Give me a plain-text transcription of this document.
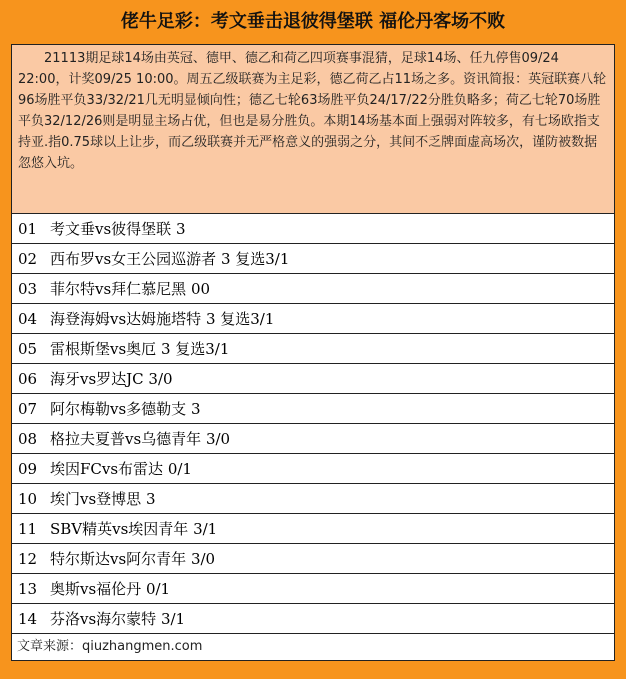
佬牛足彩：考文垂击退彼得堡联 福伦丹客场不败
21113期足球14场由英冠、德甲、德乙和荷乙四项赛事混猜，足球14场、任九停售09/24 22:00，计奖09/25 10:00。周五乙级联赛为主足彩，德乙荷乙占11场之多。资讯简报：英冠联赛八轮96场胜平负33/32/21几无明显倾向性；德乙七轮63场胜平负24/17/22分胜负略多；荷乙七轮70场胜平负32/12/26则是明显主场占优，但也是易分胜负。本期14场基本面上强弱对阵较多，有七场欧指支持亚.指0.75球以上让步，而乙级联赛并无严格意义的强弱之分，其间不乏牌面虚高场次，谨防被数据忽悠入坑。
01 考文垂vs彼得堡联 3
02 西布罗vs女王公园巡游者 3 复选3/1
03 菲尔特vs拜仁慕尼黑 00
04 海登海姆vs达姆施塔特 3 复选3/1
05 雷根斯堡vs奥厄 3 复选3/1
06 海牙vs罗达JC 3/0
07 阿尔梅勒vs多德勒支 3
08 格拉夫夏普vs乌德青年 3/0
09 埃因FCvs布雷达 0/1
10 埃门vs登博思 3
11 SBV精英vs埃因青年 3/1
12 特尔斯达vs阿尔青年 3/0
13 奥斯vs福伦丹 0/1
14 芬洛vs海尔蒙特 3/1
文章来源：qiuzhangmen.com
